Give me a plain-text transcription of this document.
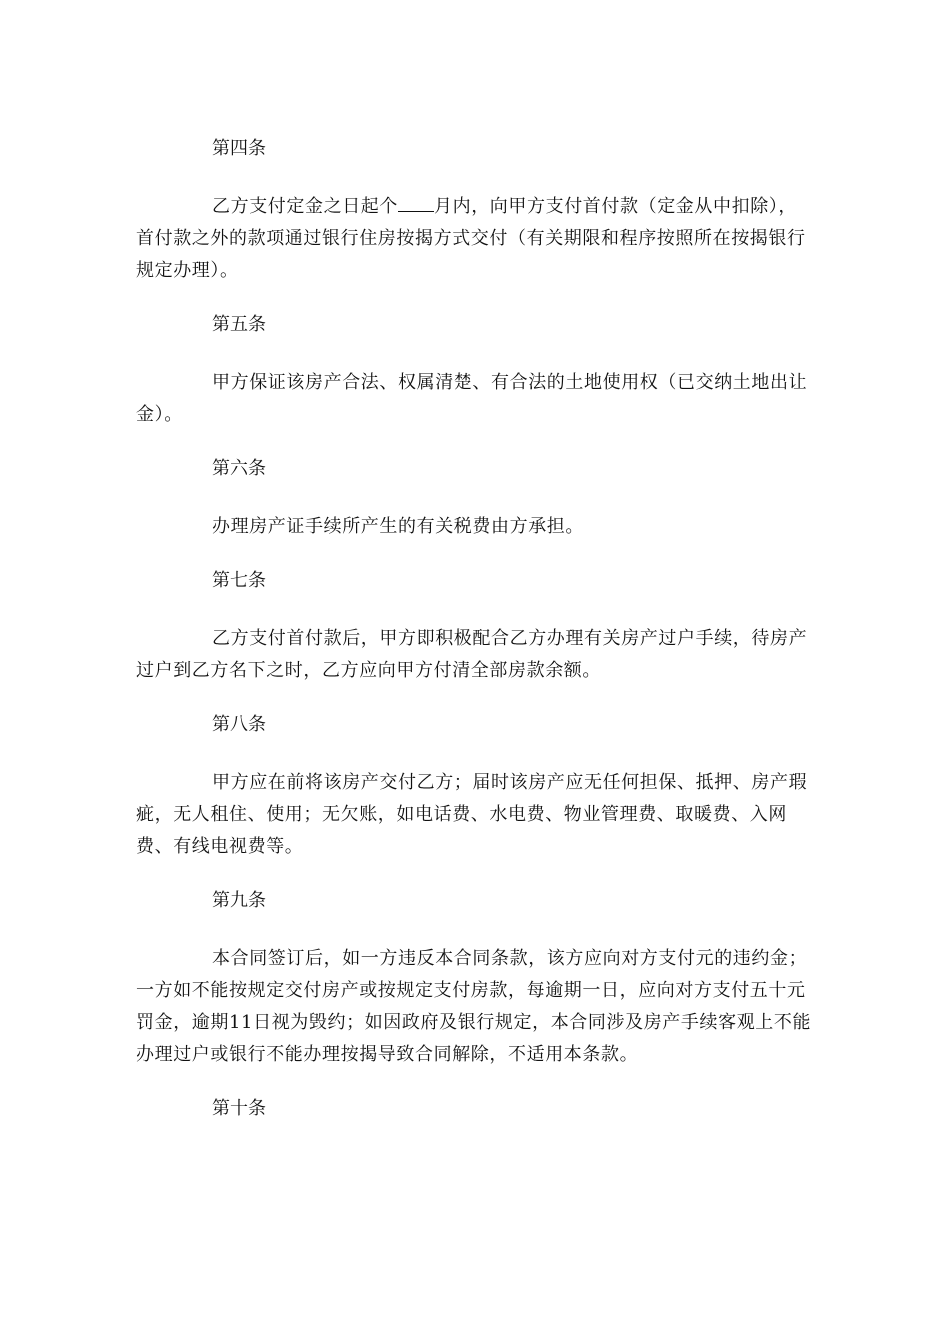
第四条

乙方支付定金之日起个 月内，向甲方支付首付款（定金从中扣除），首付款之外的款项通过银行住房按揭方式交付（有关期限和程序按照所在按揭银行规定办理）。

第五条

甲方保证该房产合法、权属清楚、有合法的土地使用权（已交纳土地出让金）。

第六条

办理房产证手续所产生的有关税费由方承担。

第七条

乙方支付首付款后，甲方即积极配合乙方办理有关房产过户手续，待房产过户到乙方名下之时，乙方应向甲方付清全部房款余额。

第八条

甲方应在前将该房产交付乙方；届时该房产应无任何担保、抵押、房产瑕疵，无人租住、使用；无欠账，如电话费、水电费、物业管理费、取暖费、入网费、有线电视费等。

第九条

本合同签订后，如一方违反本合同条款，该方应向对方支付元的违约金；一方如不能按规定交付房产或按规定支付房款，每逾期一日，应向对方支付五十元罚金，逾期11日视为毁约；如因政府及银行规定，本合同涉及房产手续客观上不能办理过户或银行不能办理按揭导致合同解除，不适用本条款。

第十条
